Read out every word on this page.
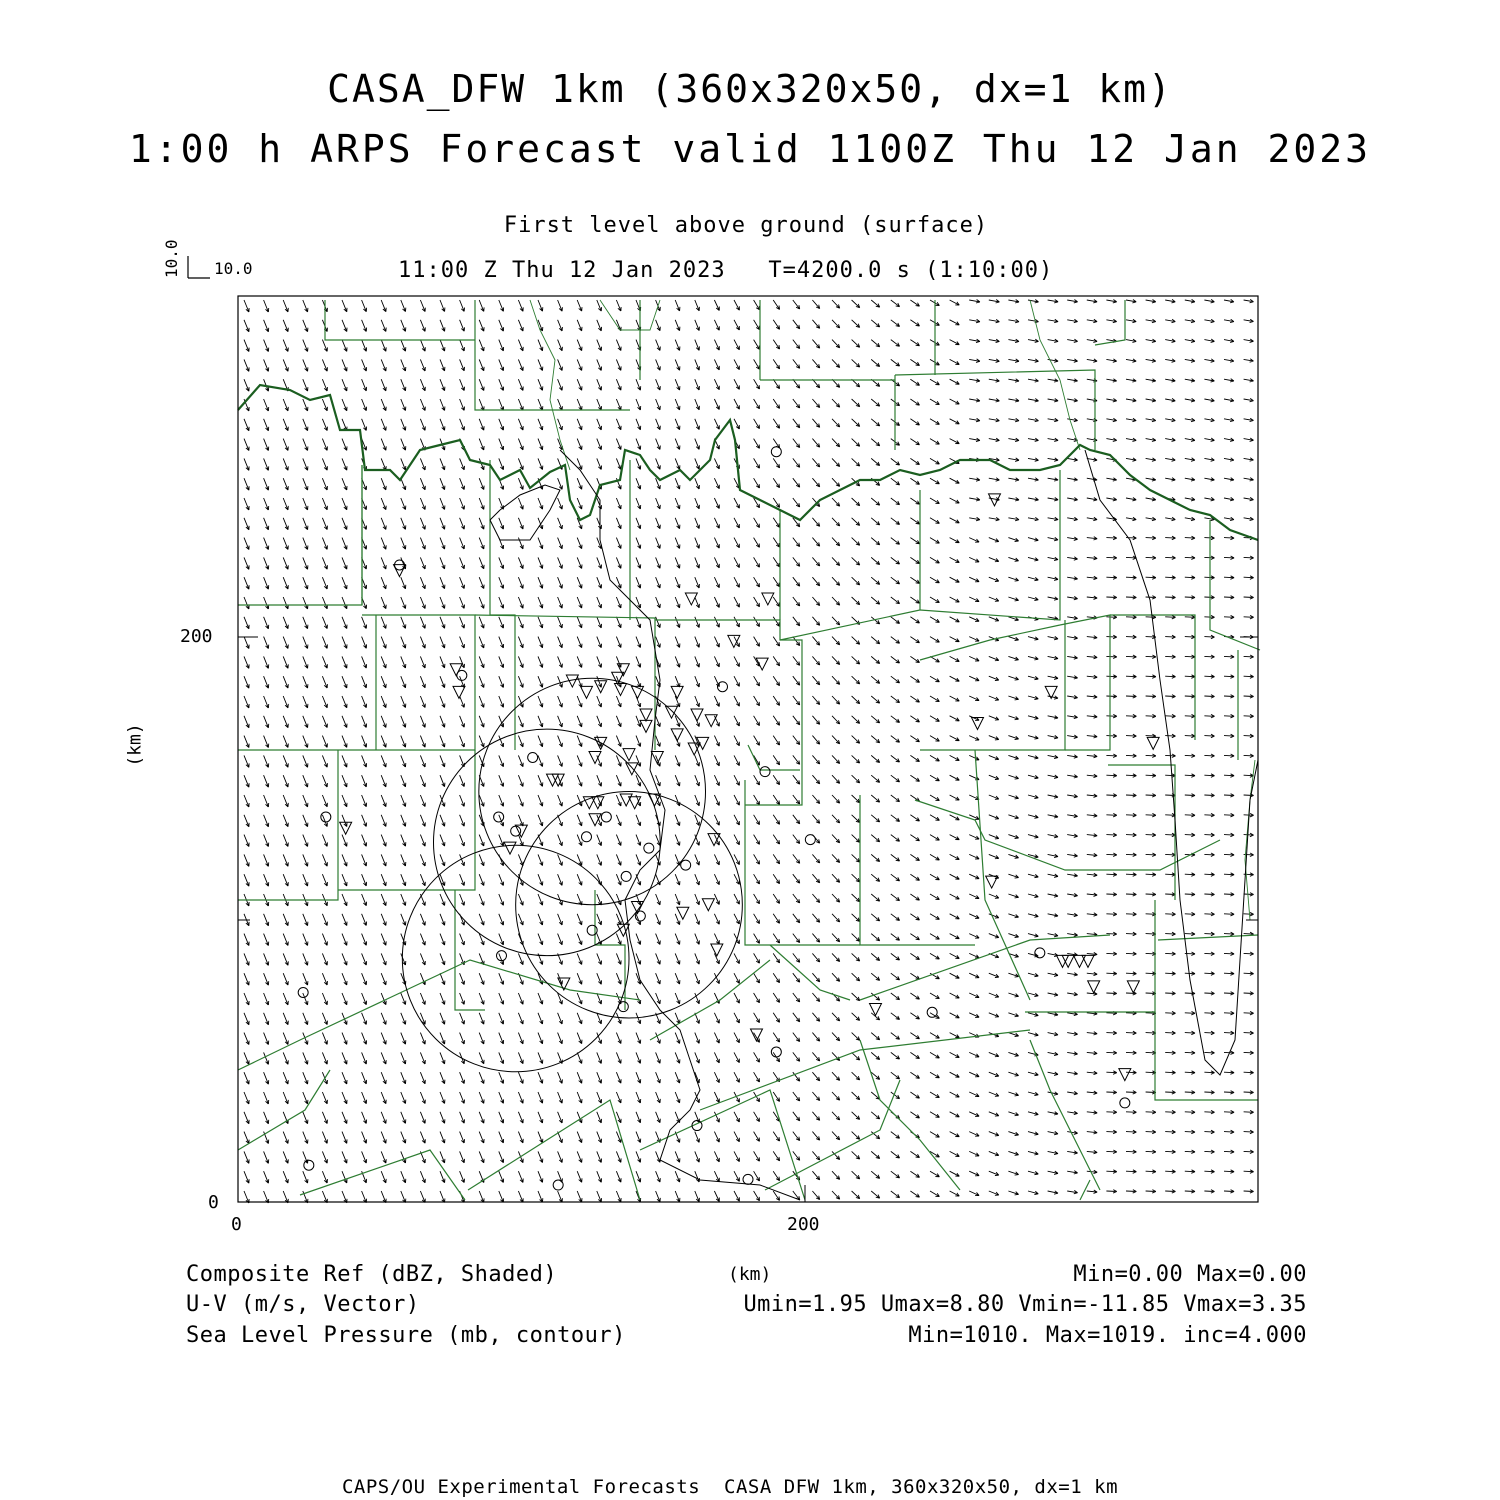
CASA_DFW 1km (360x320x50, dx=1 km)
1:00 h ARPS Forecast valid 1100Z Thu 12 Jan 2023
First level above ground (surface)
11:00 Z Thu 12 Jan 2023   T=4200.0 s (1:10:00)
10.0
10.0
200
0
0	200
(km)
(km)
Composite Ref (dBZ, Shaded)	Min=0.00 Max=0.00
U-V (m/s, Vector)	Umin=1.95 Umax=8.80 Vmin=-11.85 Vmax=3.35
Sea Level Pressure (mb, contour)	Min=1010. Max=1019. inc=4.000
CAPS/OU Experimental Forecasts  CASA DFW 1km, 360x320x50, dx=1 km
